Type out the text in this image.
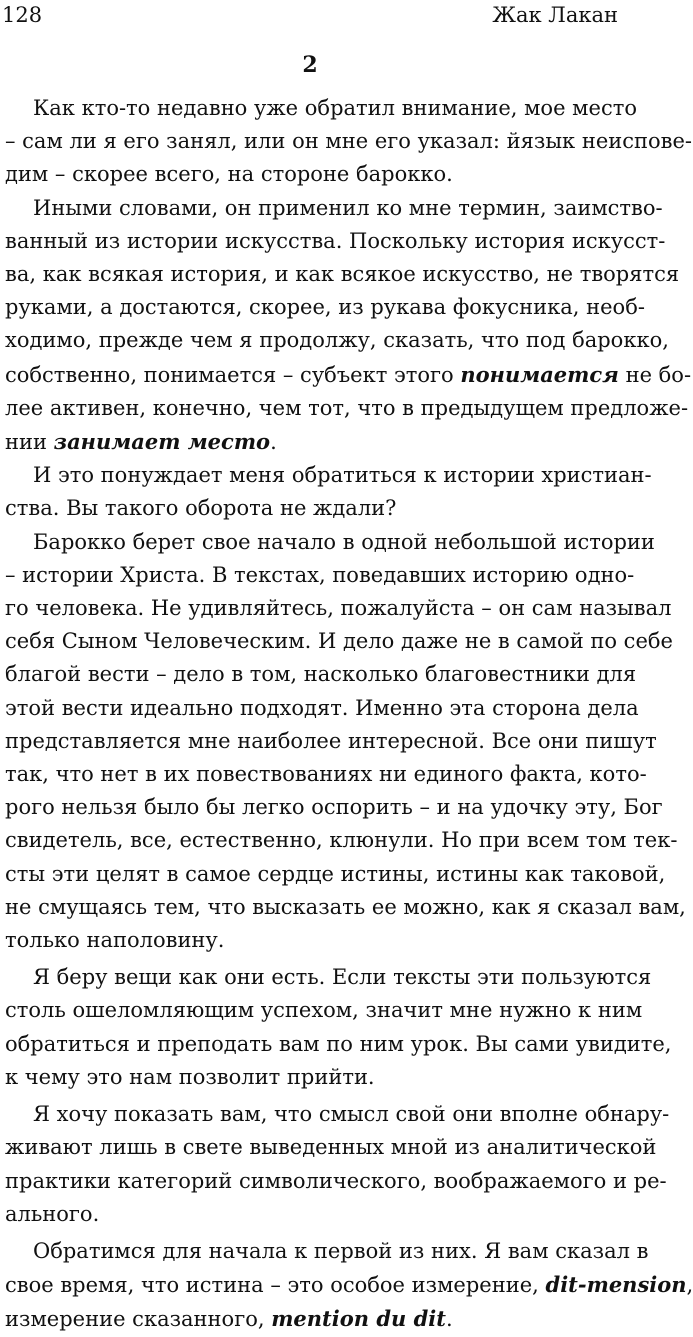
128	Жак Лакан
2

Как кто-то недавно уже обратил внимание, мое место
– сам ли я его занял, или он мне его указал: йязык неисповe-
дим – скорее всего, на стороне барокко.

Иными словами, он применил ко мне термин, заимство-
ванный из истории искусства. Поскольку история искусст-
ва, как всякая история, и как всякое искусство, не творятся
руками, а достаются, скорее, из рукава фокусника, необ-
ходимо, прежде чем я продолжу, сказать, что под барокко,
собственно, понимается – субъект этого понимается не бо-
лее активен, конечно, чем тот, что в предыдущем предложе-
нии занимает место.

И это понуждает меня обратиться к истории христиан-
ства. Вы такого оборота не ждали?

Барокко берет свое начало в одной небольшой истории
– истории Христа. В текстах, поведавших историю одно-
го человека. Не удивляйтесь, пожалуйста – он сам называл
себя Сыном Человеческим. И дело даже не в самой по себе
благой вести – дело в том, насколько благовестники для
этой вести идеально подходят. Именно эта сторона дела
представляется мне наиболее интересной. Все они пишут
так, что нет в их повествованиях ни единого факта, кото-
рого нельзя было бы легко оспорить – и на удочку эту, Бог
свидетель, все, естественно, клюнули. Но при всем том тек-
сты эти целят в самое сердце истины, истины как таковой,
не смущаясь тем, что высказать ее можно, как я сказал вам,
только наполовину.

Я беру вещи как они есть. Если тексты эти пользуются
столь ошеломляющим успехом, значит мне нужно к ним
обратиться и преподать вам по ним урок. Вы сами увидите,
к чему это нам позволит прийти.

Я хочу показать вам, что смысл свой они вполне обнару-
живают лишь в свете выведенных мной из аналитической
практики категорий символического, воображаемого и ре-
ального.

Обратимся для начала к первой из них. Я вам сказал в
свое время, что истина – это особое измерение, dit-mension,
измерение сказанного, mention du dit.
